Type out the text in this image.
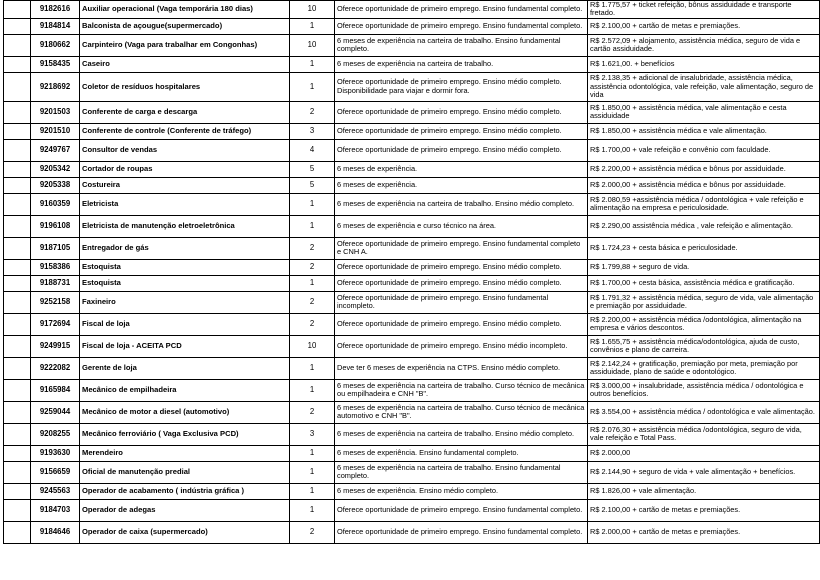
	9182616	Auxiliar operacional (Vaga temporária 180 dias)	10	Oferece oportunidade de primeiro emprego. Ensino fundamental completo.	R$ 1.775,57 + ticket refeição, bônus assiduidade e transporte fretado.	
	9184814	Balconista de açougue(supermercado)	1	Oferece oportunidade de primeiro emprego. Ensino fundamental completo.	R$ 2.100,00 + cartão de metas e premiações.	
	9180662	Carpinteiro (Vaga para trabalhar em Congonhas)	10	6 meses de experiência na carteira de trabalho. Ensino fundamental completo.	R$ 2.572,09 + alojamento, assistência médica, seguro de vida e cartão assiduidade.	
	9158435	Caseiro	1	6 meses de experiência na carteira de trabalho.	R$ 1.621,00. + benefícios	
	9218692	Coletor de resíduos hospitalares	1	Oferece oportunidade de primeiro emprego. Ensino médio completo. Disponibilidade para viajar e dormir fora.	R$ 2.138,35 + adicional de insalubridade, assistência médica, assistência odontológica, vale refeição, vale alimentação, seguro de vida	
	9201503	Conferente de carga e descarga	2	Oferece oportunidade de primeiro emprego. Ensino médio completo.	R$ 1.850,00 + assistência médica, vale alimentação e cesta assiduidade	
	9201510	Conferente de controle (Conferente de tráfego)	3	Oferece oportunidade de primeiro emprego. Ensino médio completo.	R$ 1.850,00 + assistência médica e vale alimentação.	
	9249767	Consultor de vendas	4	Oferece oportunidade de primeiro emprego. Ensino médio completo.	R$ 1.700,00 + vale refeição e convênio com faculdade.	
	9205342	Cortador de roupas	5	6 meses de experiência.	R$ 2.200,00 + assistência médica e bônus por assiduidade.	
	9205338	Costureira	5	6 meses de experiência.	R$ 2.000,00 + assistência médica e bônus por assiduidade.	
	9160359	Eletricista	1	6 meses de experiência na carteira de trabalho. Ensino médio completo.	R$ 2.080,59 +assistência médica / odontológica + vale refeição e alimentação na empresa e periculosidade.	
	9196108	Eletricista de manutenção eletroeletrônica	1	6 meses de experiência e curso técnico na área.	R$ 2.290,00 assistência médica , vale refeição e alimentação.	
	9187105	Entregador de gás	2	Oferece oportunidade de primeiro emprego. Ensino fundamental completo e CNH A.	R$ 1.724,23 + cesta básica e periculosidade.	
	9158386	Estoquista	2	Oferece oportunidade de primeiro emprego. Ensino médio completo.	R$ 1.799,88 + seguro de vida.	
	9188731	Estoquista	1	Oferece oportunidade de primeiro emprego. Ensino médio completo.	R$ 1.700,00 + cesta básica, assistência médica e gratificação.	
	9252158	Faxineiro	2	Oferece oportunidade de primeiro emprego. Ensino fundamental incompleto.	R$ 1.791,32 + assistência médica, seguro de vida, vale alimentação e premiação por assiduidade.	
	9172694	Fiscal de loja	2	Oferece oportunidade de primeiro emprego. Ensino médio completo.	R$ 2.200,00 + assistência médica /odontológica, alimentação na empresa e vários descontos.	
	9249915	Fiscal de loja - ACEITA PCD	10	Oferece oportunidade de primeiro emprego. Ensino médio incompleto.	R$ 1.655,75 + assistência médica/odontológica, ajuda de custo, convênios e plano de carreira.	
	9222082	Gerente de loja	1	Deve ter 6 meses de experiência na CTPS. Ensino médio completo.	R$ 2.142,24 + gratificação, premiação por meta, premiação por assiduidade, plano de saúde e odontológico.	
	9165984	Mecânico de empilhadeira	1	6 meses de experiência na carteira de trabalho. Curso técnico de mecânica ou empilhadeira e CNH "B".	R$ 3.000,00 + insalubridade, assistência médica / odontológica e outros benefícios.	
	9259044	Mecânico de motor a diesel (automotivo)	2	6 meses de experiência na carteira de trabalho. Curso técnico de mecânica automotivo e CNH "B".	R$ 3.554,00 + assistência médica / odontológica e vale alimentação.	
	9208255	Mecânico ferroviário ( Vaga Exclusiva PCD)	3	6 meses de experiência na carteira de trabalho. Ensino médio completo.	R$ 2.076,30 + assistência médica /odontológica, seguro de vida, vale refeição e Total Pass.	
	9193630	Merendeiro	1	6 meses de experiência. Ensino fundamental completo.	R$ 2.000,00	
	9156659	Oficial de manutenção predial	1	6 meses de experiência na carteira de trabalho. Ensino fundamental completo.	R$ 2.144,90 + seguro de vida + vale alimentação + benefícios.	
	9245563	Operador de acabamento ( indústria gráfica )	1	6 meses de experiência. Ensino médio completo.	R$ 1.826,00 + vale alimentação.	
	9184703	Operador de adegas	1	Oferece oportunidade de primeiro emprego. Ensino fundamental completo.	R$ 2.100,00 + cartão de metas e premiações.	
	9184646	Operador de caixa (supermercado)	2	Oferece oportunidade de primeiro emprego. Ensino fundamental completo.	R$ 2.000,00 + cartão de metas e premiações.	
